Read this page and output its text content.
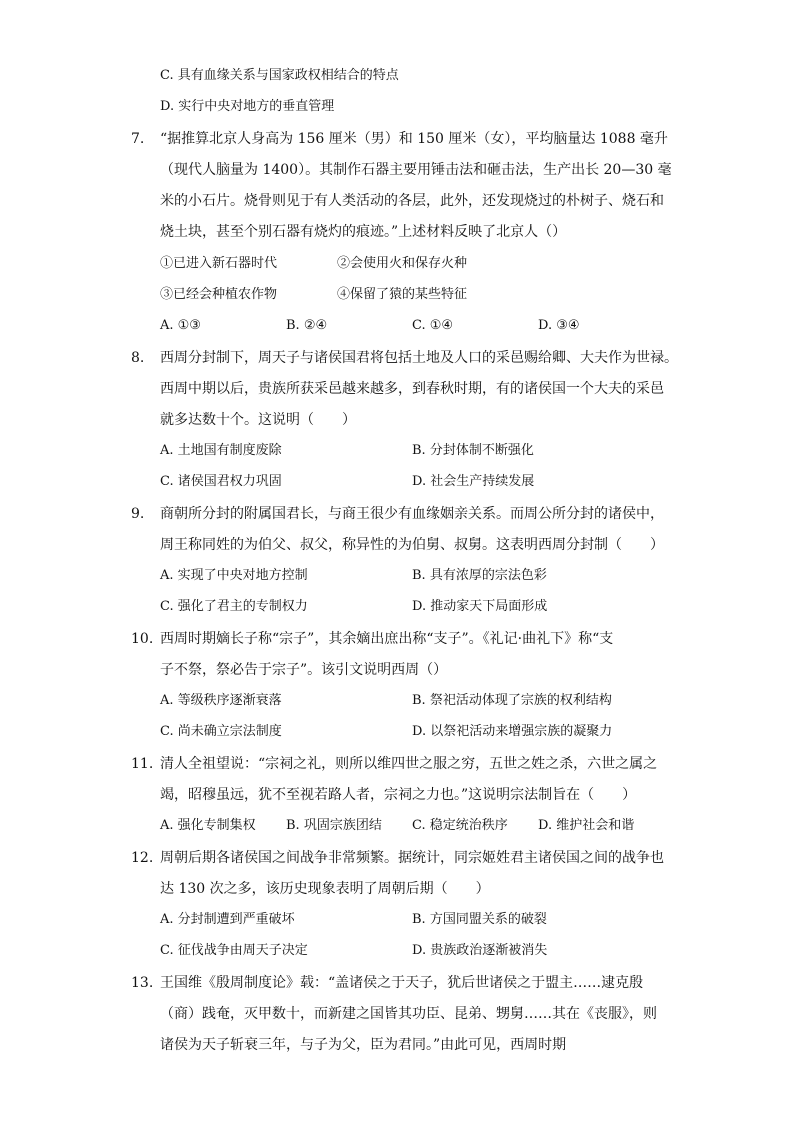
C. 具有血缘关系与国家政权相结合的特点
D. 实行中央对地方的垂直管理
7. “据推算北京人身高为 156 厘米（男）和 150 厘米（女），平均脑量达 1088 毫升
（现代人脑量为 1400）。其制作石器主要用锤击法和砸击法，生产出长 20—30 毫
米的小石片。烧骨则见于有人类活动的各层，此外，还发现烧过的朴树子、烧石和
烧土块，甚至个别石器有烧灼的痕迹。”上述材料反映了北京人（）
①已进入新石器时代	②会使用火和保存火种
③已经会种植农作物	④保留了猿的某些特征
A. ①③	B. ②④	C. ①④	D. ③④
8. 西周分封制下，周天子与诸侯国君将包括土地及人口的采邑赐给卿、大夫作为世禄。
西周中期以后，贵族所获采邑越来越多，到春秋时期，有的诸侯国一个大夫的采邑
就多达数十个。这说明（　　）
A. 土地国有制度废除	B. 分封体制不断强化
C. 诸侯国君权力巩固	D. 社会生产持续发展
9. 商朝所分封的附属国君长，与商王很少有血缘姻亲关系。而周公所分封的诸侯中，
周王称同姓的为伯父、叔父，称异性的为伯舅、叔舅。这表明西周分封制（　　）
A. 实现了中央对地方控制	B. 具有浓厚的宗法色彩
C. 强化了君主的专制权力	D. 推动家天下局面形成
10. 西周时期嫡长子称“宗子”，其余嫡出庶出称“支子”。《礼记·曲礼下》称“支
子不祭，祭必告于宗子”。该引文说明西周（）
A. 等级秩序逐渐衰落	B. 祭祀活动体现了宗族的权利结构
C. 尚未确立宗法制度	D. 以祭祀活动来增强宗族的凝聚力
11. 清人全祖望说：“宗祠之礼，则所以维四世之服之穷，五世之姓之杀，六世之属之
竭，昭穆虽远，犹不至视若路人者，宗祠之力也。”这说明宗法制旨在（　　）
A. 强化专制集权 B. 巩固宗族团结 C. 稳定统治秩序 D. 维护社会和谐
12. 周朝后期各诸侯国之间战争非常频繁。据统计，同宗姬姓君主诸侯国之间的战争也
达 130 次之多，该历史现象表明了周朝后期（　　）
A. 分封制遭到严重破坏	B. 方国同盟关系的破裂
C. 征伐战争由周天子决定	D. 贵族政治逐渐被消失
13. 王国维《殷周制度论》载：“盖诸侯之于天子，犹后世诸侯之于盟主……逮克殷
（商）践奄，灭甲数十，而新建之国皆其功臣、昆弟、甥舅……其在《丧服》，则
诸侯为天子斩衰三年，与子为父，臣为君同。”由此可见，西周时期
